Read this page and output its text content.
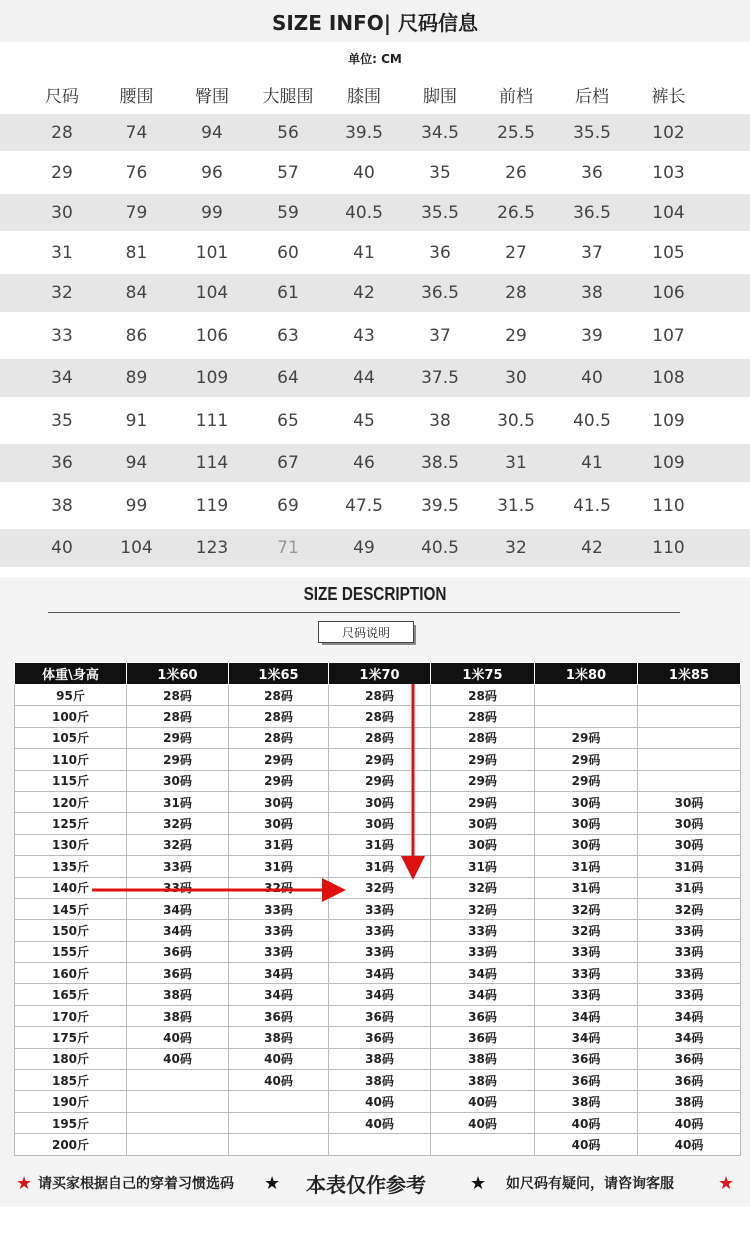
SIZE INFO| 尺码信息
单位: CM
尺码	腰围	臀围	大腿围	膝围	脚围	前档	后档	裤长
28	74	94	56	39.5	34.5	25.5	35.5	102
29	76	96	57	40	35	26	36	103
30	79	99	59	40.5	35.5	26.5	36.5	104
31	81	101	60	41	36	27	37	105
32	84	104	61	42	36.5	28	38	106
33	86	106	63	43	37	29	39	107
34	89	109	64	44	37.5	30	40	108
35	91	111	65	45	38	30.5	40.5	109
36	94	114	67	46	38.5	31	41	109
38	99	119	69	47.5	39.5	31.5	41.5	110
40	104	123	71	49	40.5	32	42	110
SIZE DESCRIPTION
尺码说明
体重\身高	1米60	1米65	1米70	1米75	1米80	1米85
95斤	28码	28码	28码	28码		
100斤	28码	28码	28码	28码		
105斤	29码	28码	28码	28码	29码	
110斤	29码	29码	29码	29码	29码	
115斤	30码	29码	29码	29码	29码	
120斤	31码	30码	30码	29码	30码	30码
125斤	32码	30码	30码	30码	30码	30码
130斤	32码	31码	31码	30码	30码	30码
135斤	33码	31码	31码	31码	31码	31码
140斤	33码	32码	32码	32码	31码	31码
145斤	34码	33码	33码	32码	32码	32码
150斤	34码	33码	33码	33码	32码	33码
155斤	36码	33码	33码	33码	33码	33码
160斤	36码	34码	34码	34码	33码	33码
165斤	38码	34码	34码	34码	33码	33码
170斤	38码	36码	36码	36码	34码	34码
175斤	40码	38码	36码	36码	34码	34码
180斤	40码	40码	38码	38码	36码	36码
185斤		40码	38码	38码	36码	36码
190斤			40码	40码	38码	38码
195斤			40码	40码	40码	40码
200斤					40码	40码
★ 请买家根据自己的穿着习惯选码 ★ 本表仅作参考 ★ 如尺码有疑问，请咨询客服 ★
